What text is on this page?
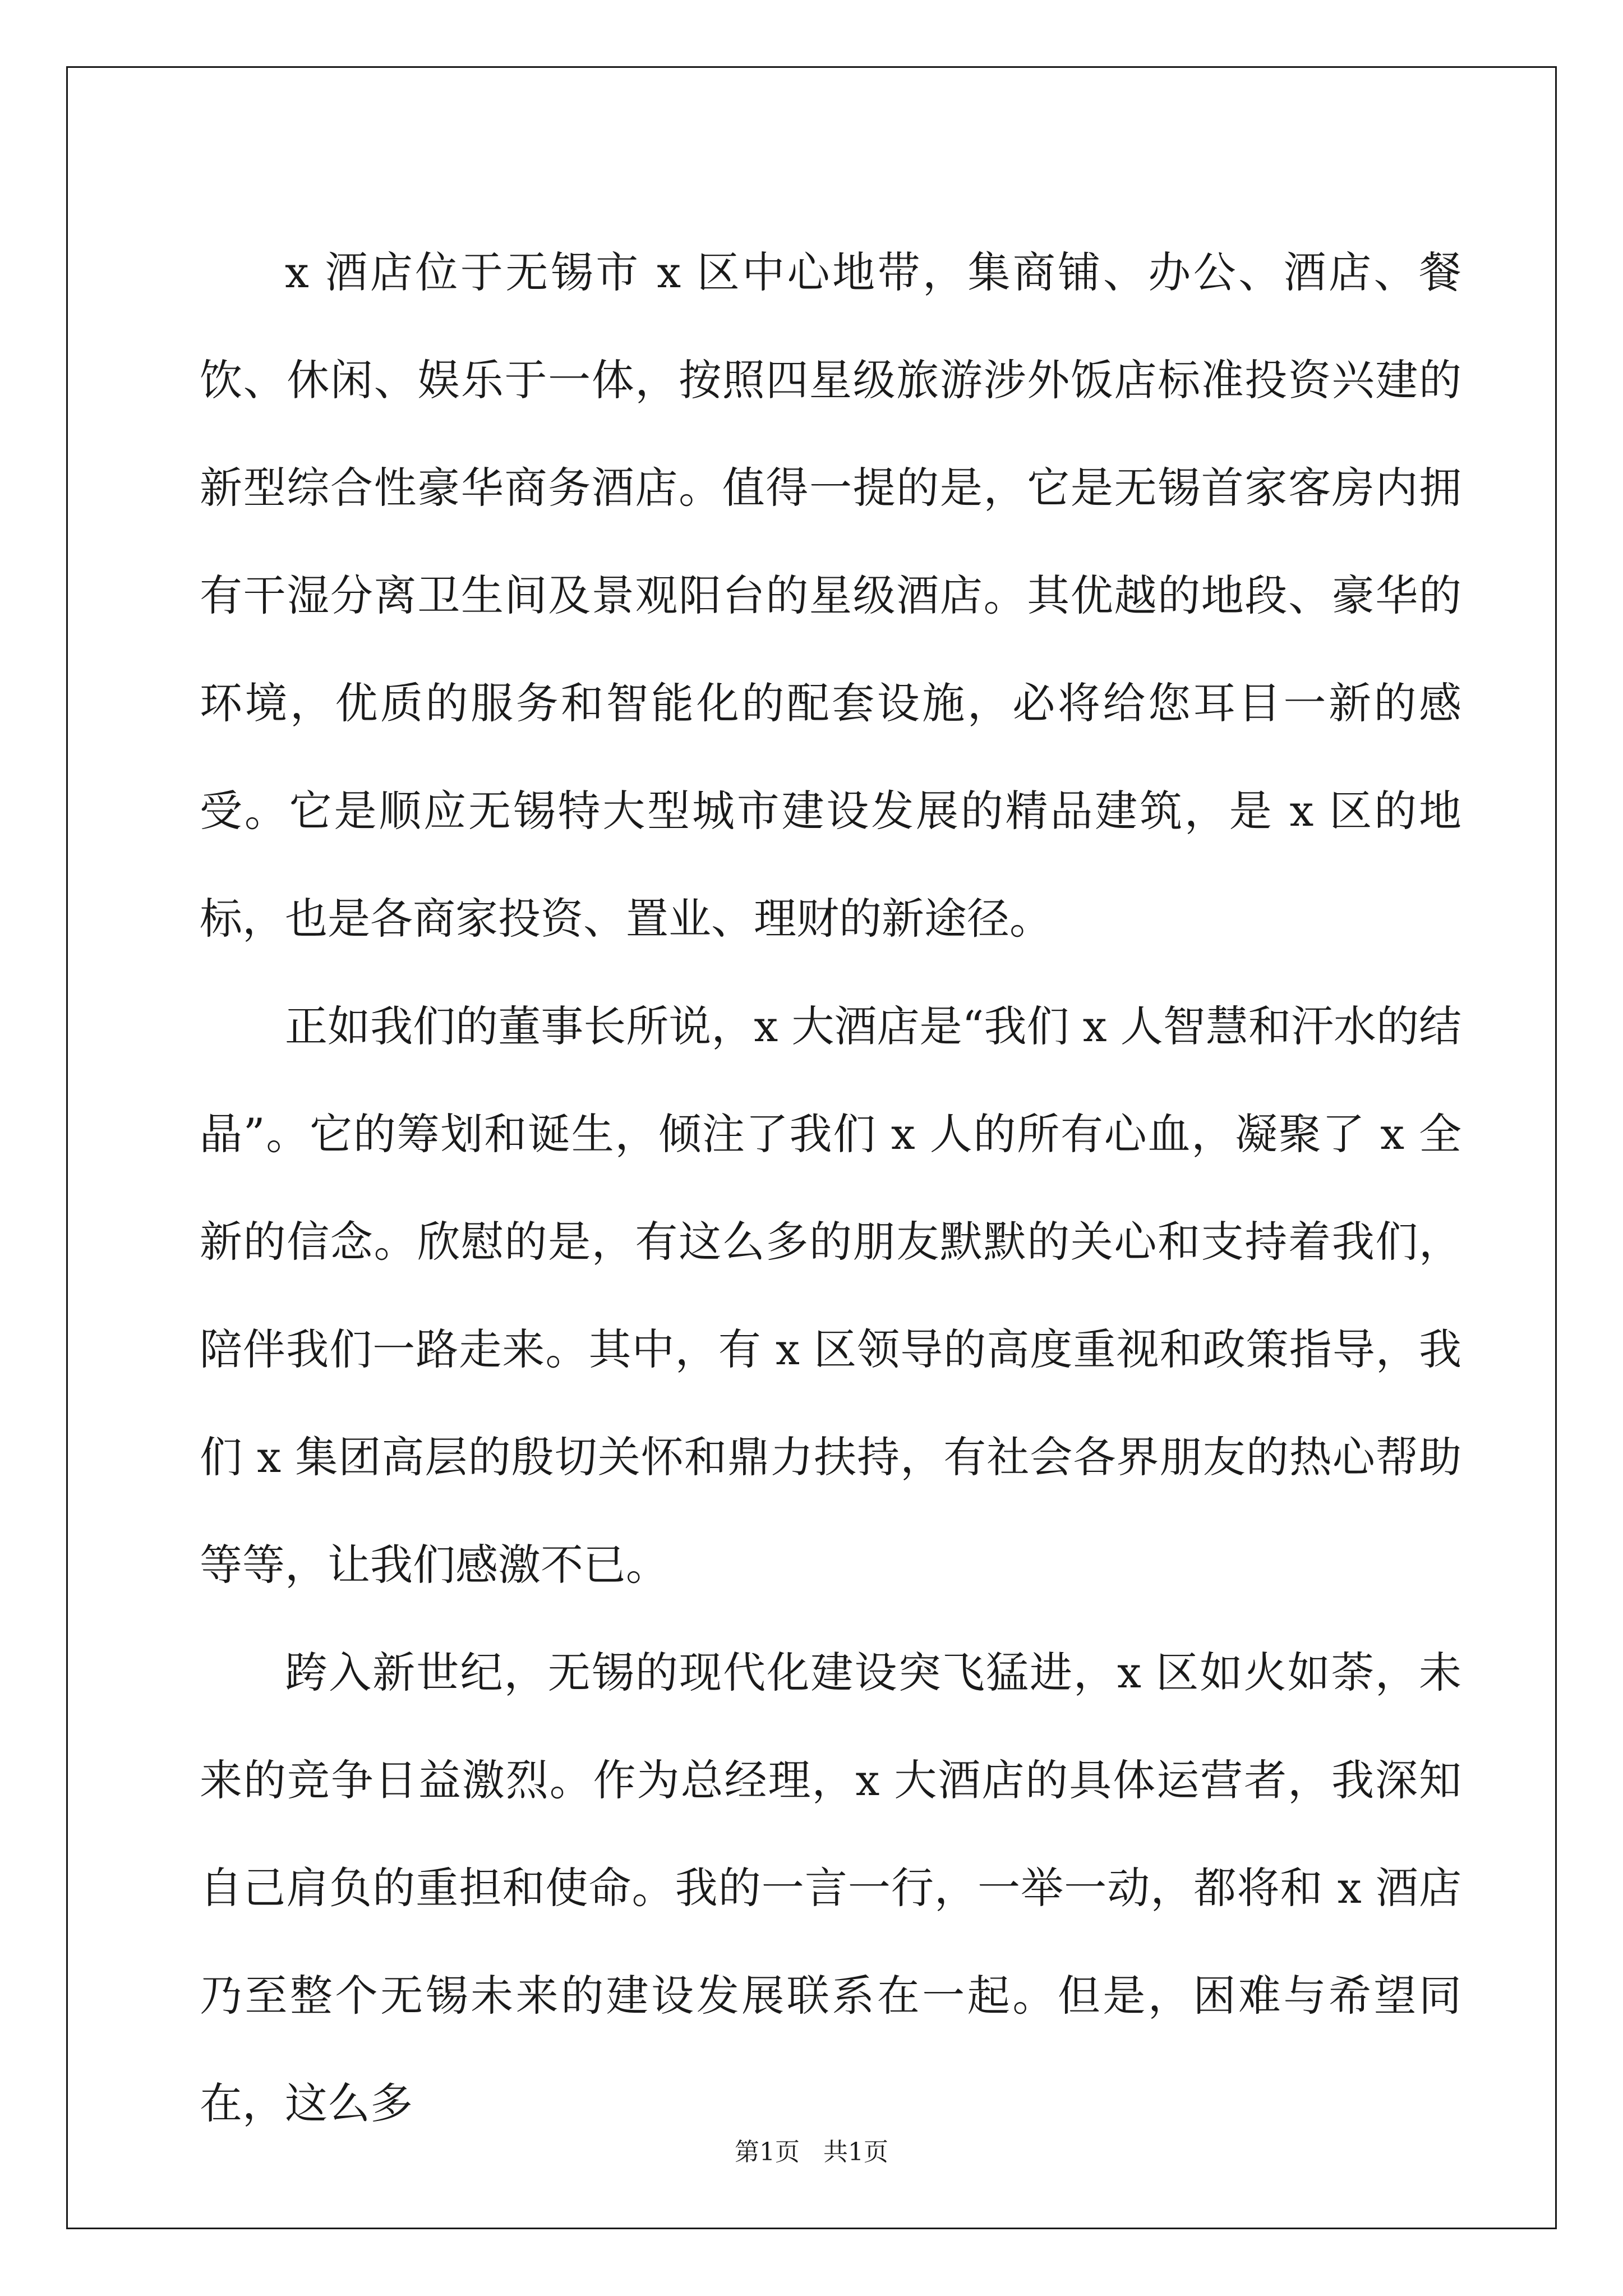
x 酒店位于无锡市 x 区中心地带，集商铺、办公、酒店、餐饮、休闲、娱乐于一体，按照四星级旅游涉外饭店标准投资兴建的新型综合性豪华商务酒店。值得一提的是，它是无锡首家客房内拥有干湿分离卫生间及景观阳台的星级酒店。其优越的地段、豪华的环境，优质的服务和智能化的配套设施，必将给您耳目一新的感受。它是顺应无锡特大型城市建设发展的精品建筑，是 x 区的地标，也是各商家投资、置业、理财的新途径。

正如我们的董事长所说，x 大酒店是“我们 x 人智慧和汗水的结晶”。它的筹划和诞生，倾注了我们 x 人的所有心血，凝聚了 x 全新的信念。欣慰的是，有这么多的朋友默默的关心和支持着我们，陪伴我们一路走来。其中，有 x 区领导的高度重视和政策指导，我们 x 集团高层的殷切关怀和鼎力扶持，有社会各界朋友的热心帮助等等，让我们感激不已。

跨入新世纪，无锡的现代化建设突飞猛进，x 区如火如荼，未来的竞争日益激烈。作为总经理，x 大酒店的具体运营者，我深知自己肩负的重担和使命。我的一言一行，一举一动，都将和 x 酒店乃至整个无锡未来的建设发展联系在一起。但是，困难与希望同在，这么多

第1页   共1页
